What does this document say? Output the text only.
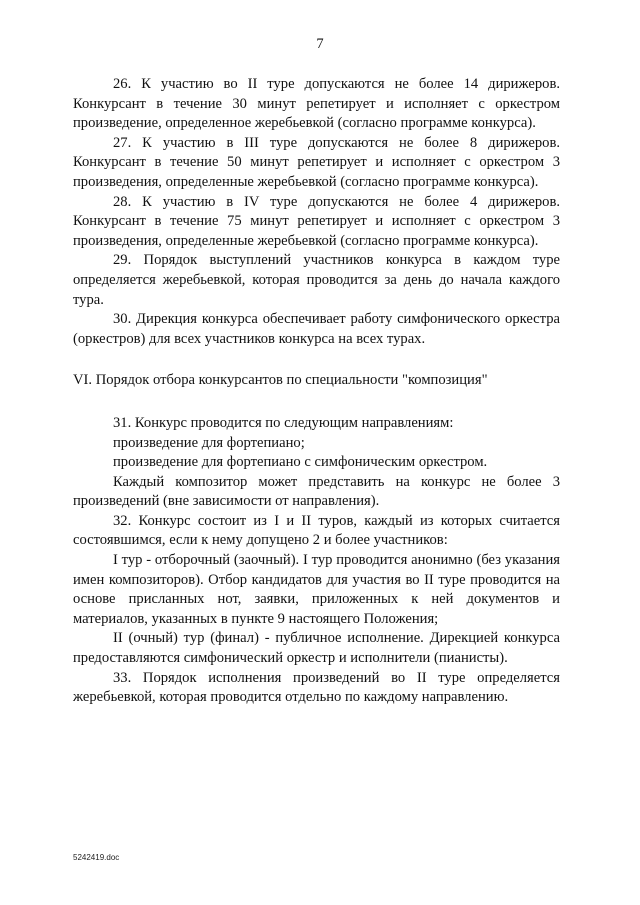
7

26. К участию во II туре допускаются не более 14 дирижеров. Конкурсант в течение 30 минут репетирует и исполняет с оркестром произведение, определенное жеребьевкой (согласно программе конкурса).

27. К участию в III туре допускаются не более 8 дирижеров. Конкурсант в течение 50 минут репетирует и исполняет с оркестром 3 произведения, определенные жеребьевкой (согласно программе конкурса).

28. К участию в IV туре допускаются не более 4 дирижеров. Конкурсант в течение 75 минут репетирует и исполняет с оркестром 3 произведения, определенные жеребьевкой (согласно программе конкурса).

29. Порядок выступлений участников конкурса в каждом туре определяется жеребьевкой, которая проводится за день до начала каждого тура.

30. Дирекция конкурса обеспечивает работу симфонического оркестра (оркестров) для всех участников конкурса на всех турах.

VI. Порядок отбора конкурсантов по специальности "композиция"

31. Конкурс проводится по следующим направлениям:

произведение для фортепиано;

произведение для фортепиано с симфоническим оркестром.

Каждый композитор может представить на конкурс не более 3 произведений (вне зависимости от направления).

32. Конкурс состоит из I и II туров, каждый из которых считается состоявшимся, если к нему допущено 2 и более участников:

I тур - отборочный (заочный). I тур проводится анонимно (без указания имен композиторов). Отбор кандидатов для участия во II туре проводится на основе присланных нот, заявки, приложенных к ней документов и материалов, указанных в пункте 9 настоящего Положения;

II (очный) тур (финал) - публичное исполнение. Дирекцией конкурса предоставляются симфонический оркестр и исполнители (пианисты).

33. Порядок исполнения произведений во II туре определяется жеребьевкой, которая проводится отдельно по каждому направлению.

5242419.doc
